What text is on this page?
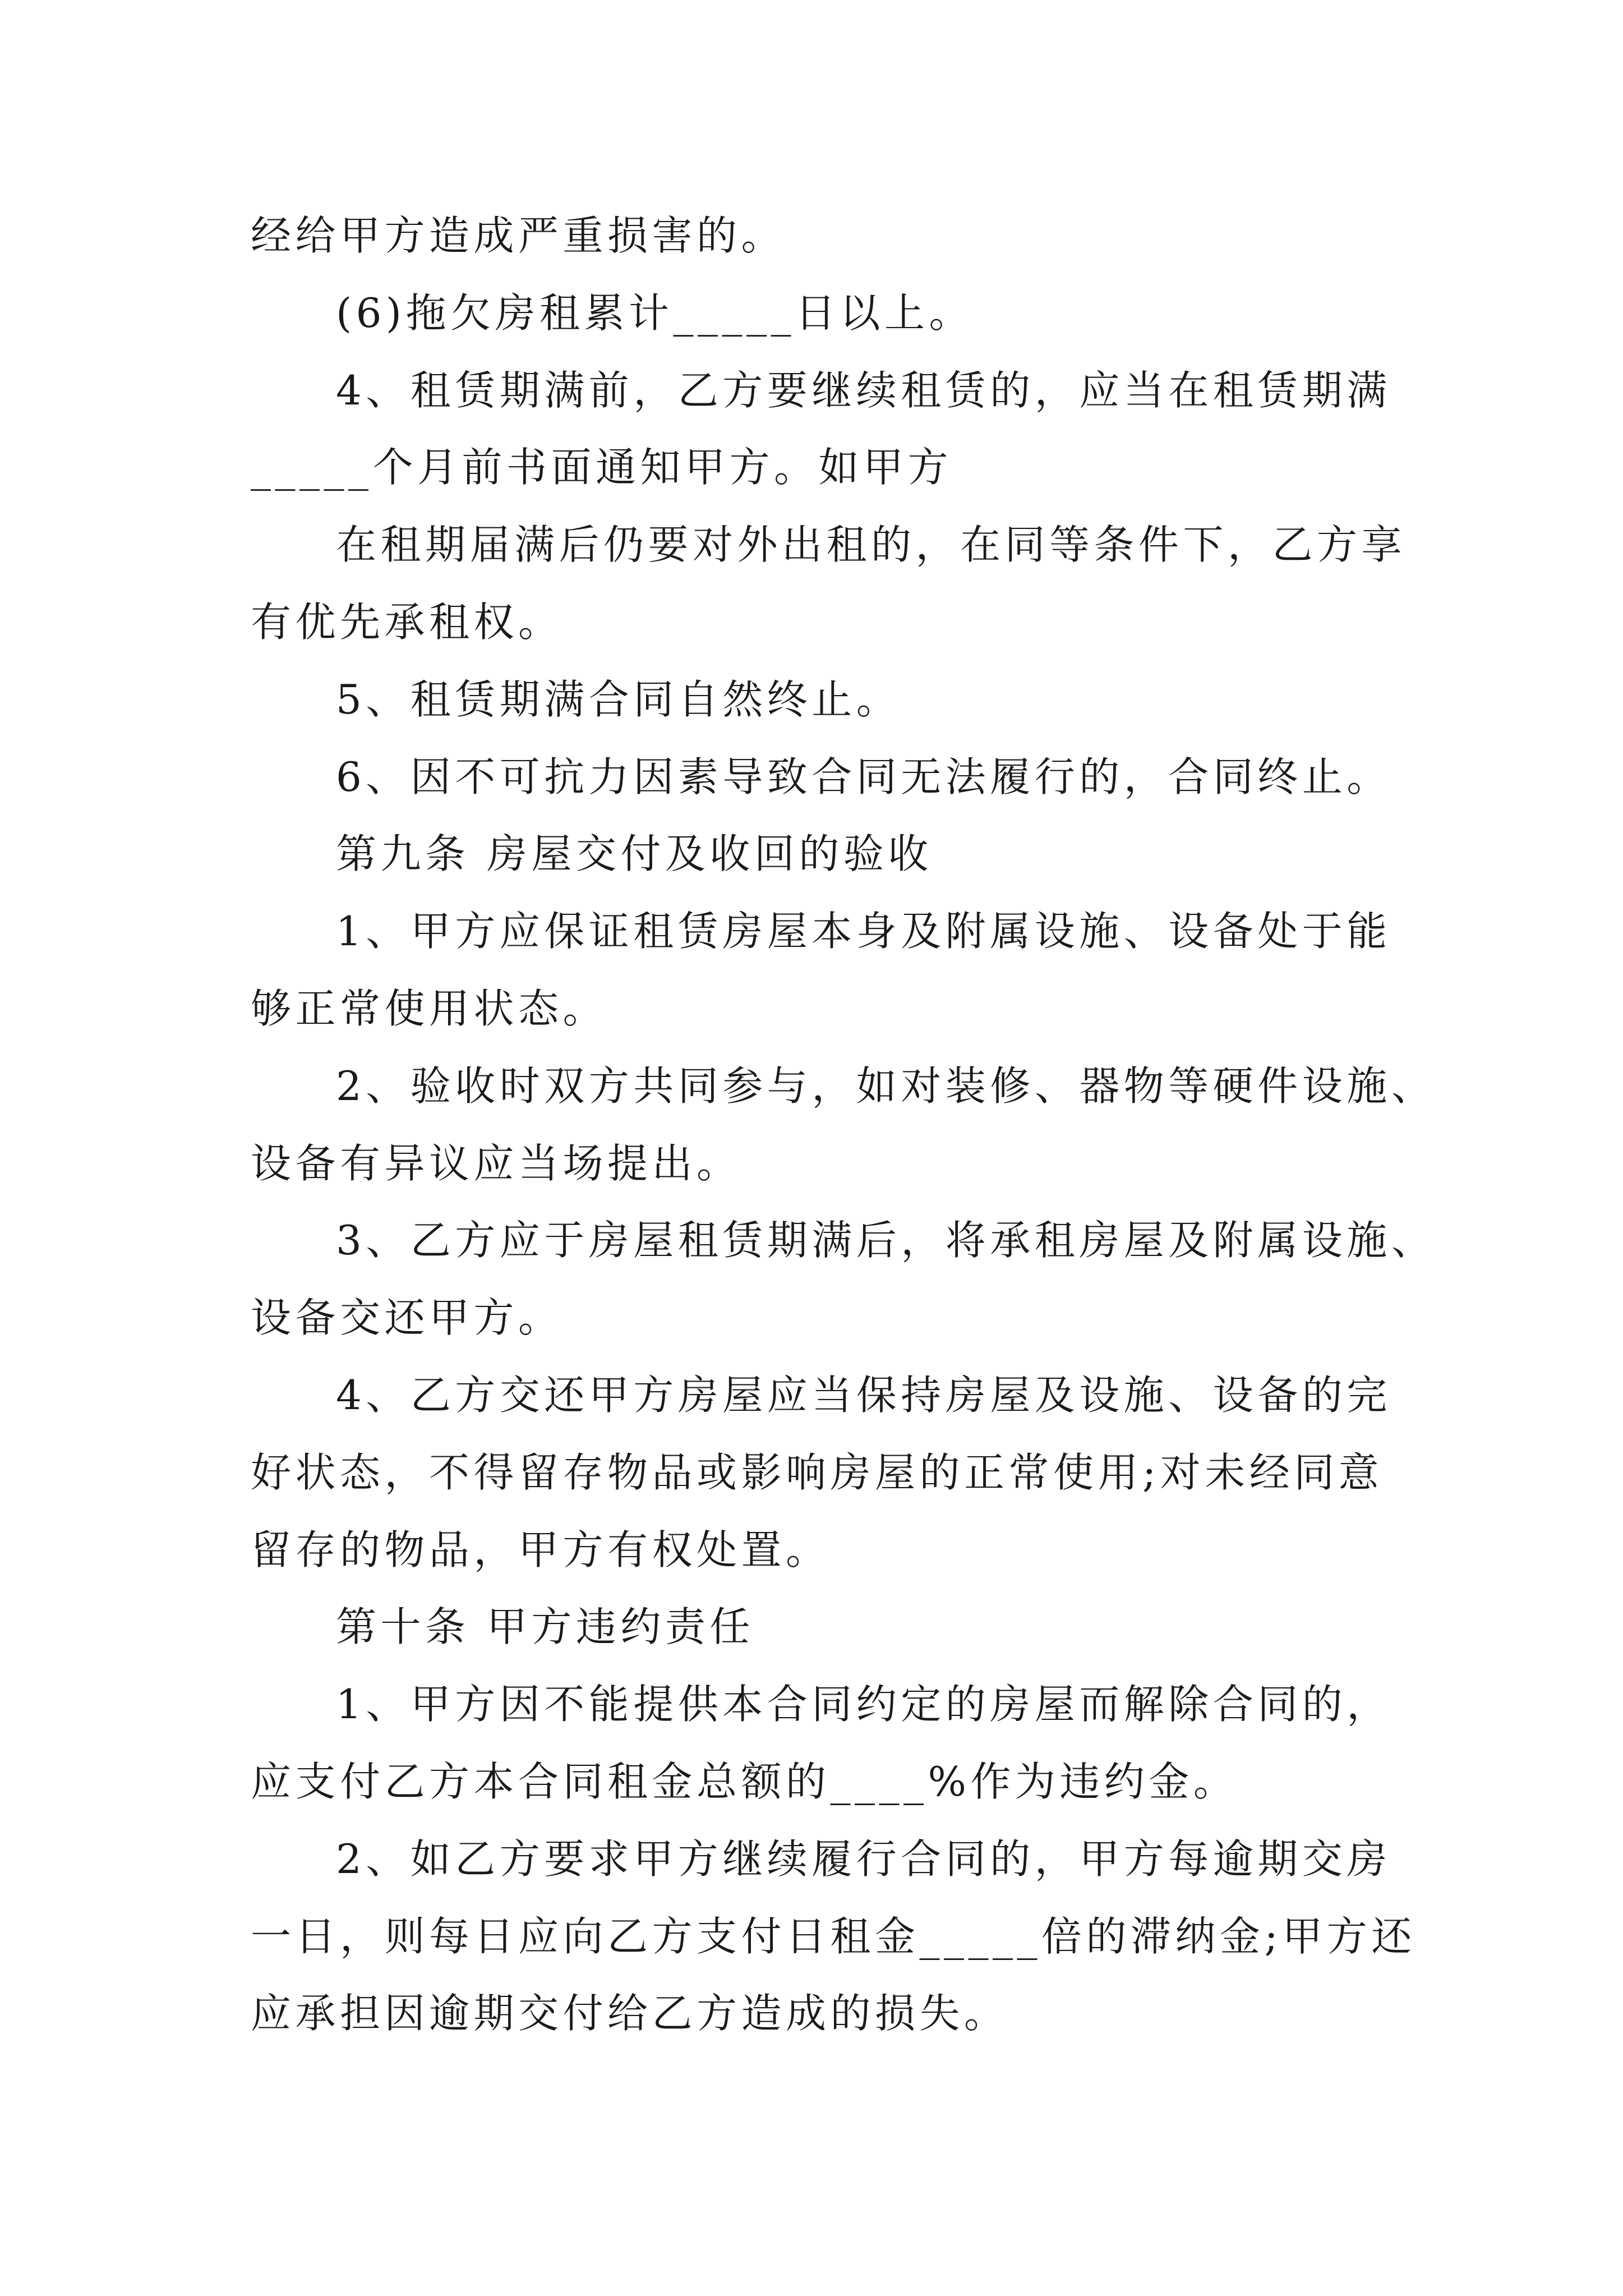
经给甲方造成严重损害的。
(6)拖欠房租累计_____日以上。
4、租赁期满前，乙方要继续租赁的，应当在租赁期满
_____个月前书面通知甲方。如甲方
在租期届满后仍要对外出租的，在同等条件下，乙方享
有优先承租权。
5、租赁期满合同自然终止。
6、因不可抗力因素导致合同无法履行的，合同终止。
第九条 房屋交付及收回的验收
1、甲方应保证租赁房屋本身及附属设施、设备处于能
够正常使用状态。
2、验收时双方共同参与，如对装修、器物等硬件设施、
设备有异议应当场提出。
3、乙方应于房屋租赁期满后，将承租房屋及附属设施、
设备交还甲方。
4、乙方交还甲方房屋应当保持房屋及设施、设备的完
好状态，不得留存物品或影响房屋的正常使用;对未经同意
留存的物品，甲方有权处置。
第十条 甲方违约责任
1、甲方因不能提供本合同约定的房屋而解除合同的，
应支付乙方本合同租金总额的____%作为违约金。
2、如乙方要求甲方继续履行合同的，甲方每逾期交房
一日，则每日应向乙方支付日租金_____倍的滞纳金;甲方还
应承担因逾期交付给乙方造成的损失。
